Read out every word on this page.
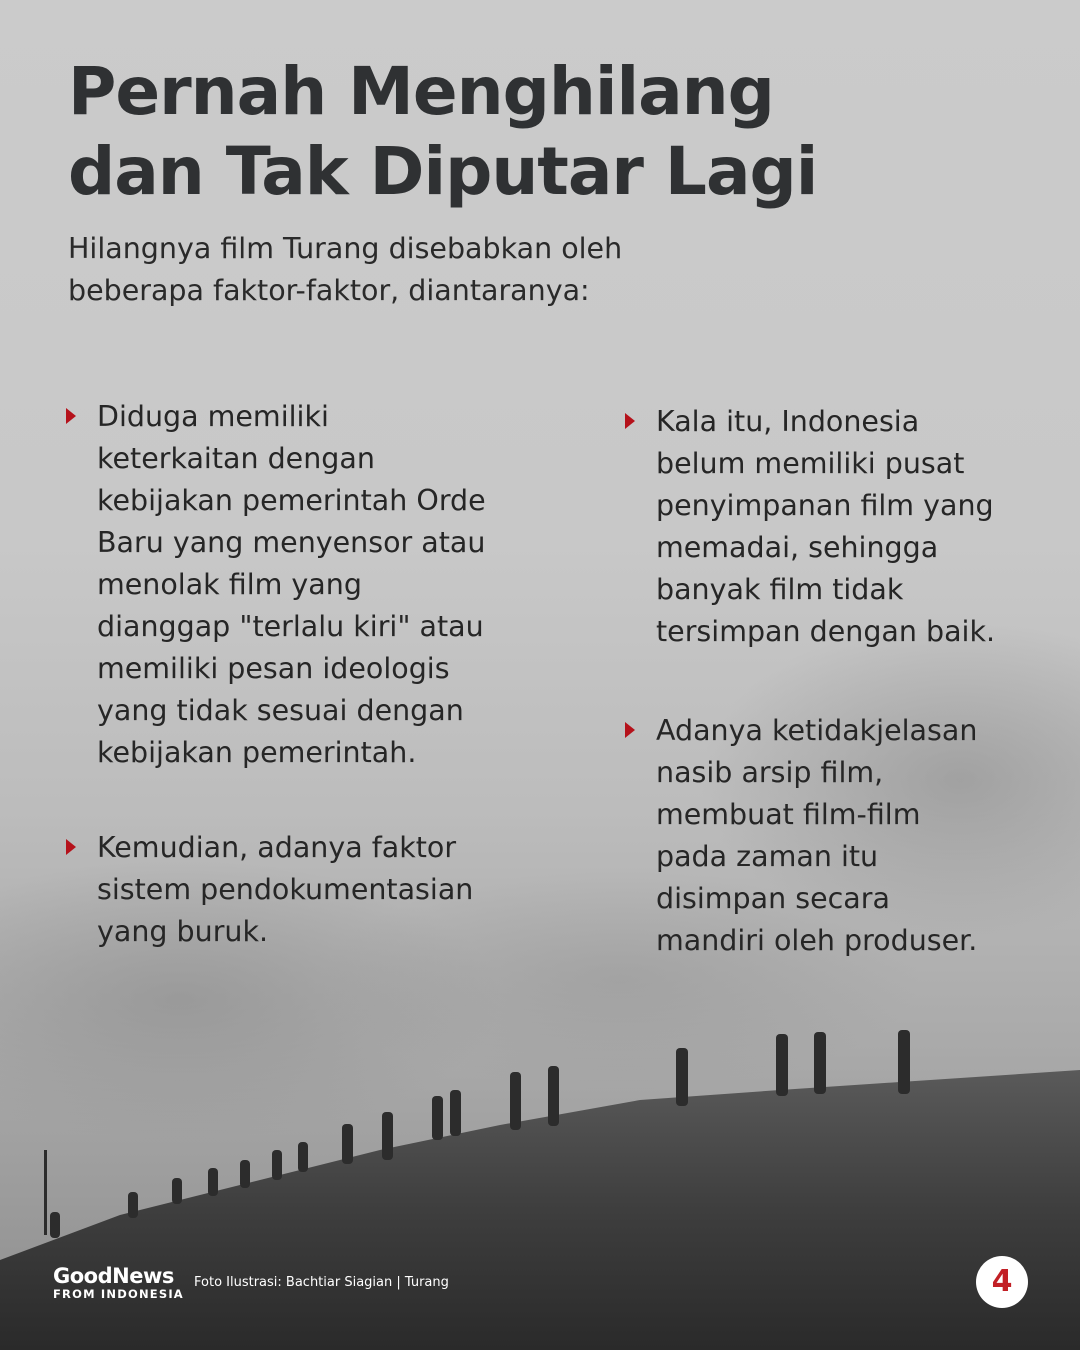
Pernah Menghilang
dan Tak Diputar Lagi

Hilangnya film Turang disebabkan oleh
beberapa faktor-faktor, diantaranya:

Diduga memiliki
keterkaitan dengan
kebijakan pemerintah Orde
Baru yang menyensor atau
menolak film yang
dianggap "terlalu kiri" atau
memiliki pesan ideologis
yang tidak sesuai dengan
kebijakan pemerintah.
Kemudian, adanya faktor
sistem pendokumentasian
yang buruk.
Kala itu, Indonesia
belum memiliki pusat
penyimpanan film yang
memadai, sehingga
banyak film tidak
tersimpan dengan baik.
Adanya ketidakjelasan
nasib arsip film,
membuat film-film
pada zaman itu
disimpan secara
mandiri oleh produser.
GoodNews
FROM INDONESIA
Foto Ilustrasi: Bachtiar Siagian | Turang	4
